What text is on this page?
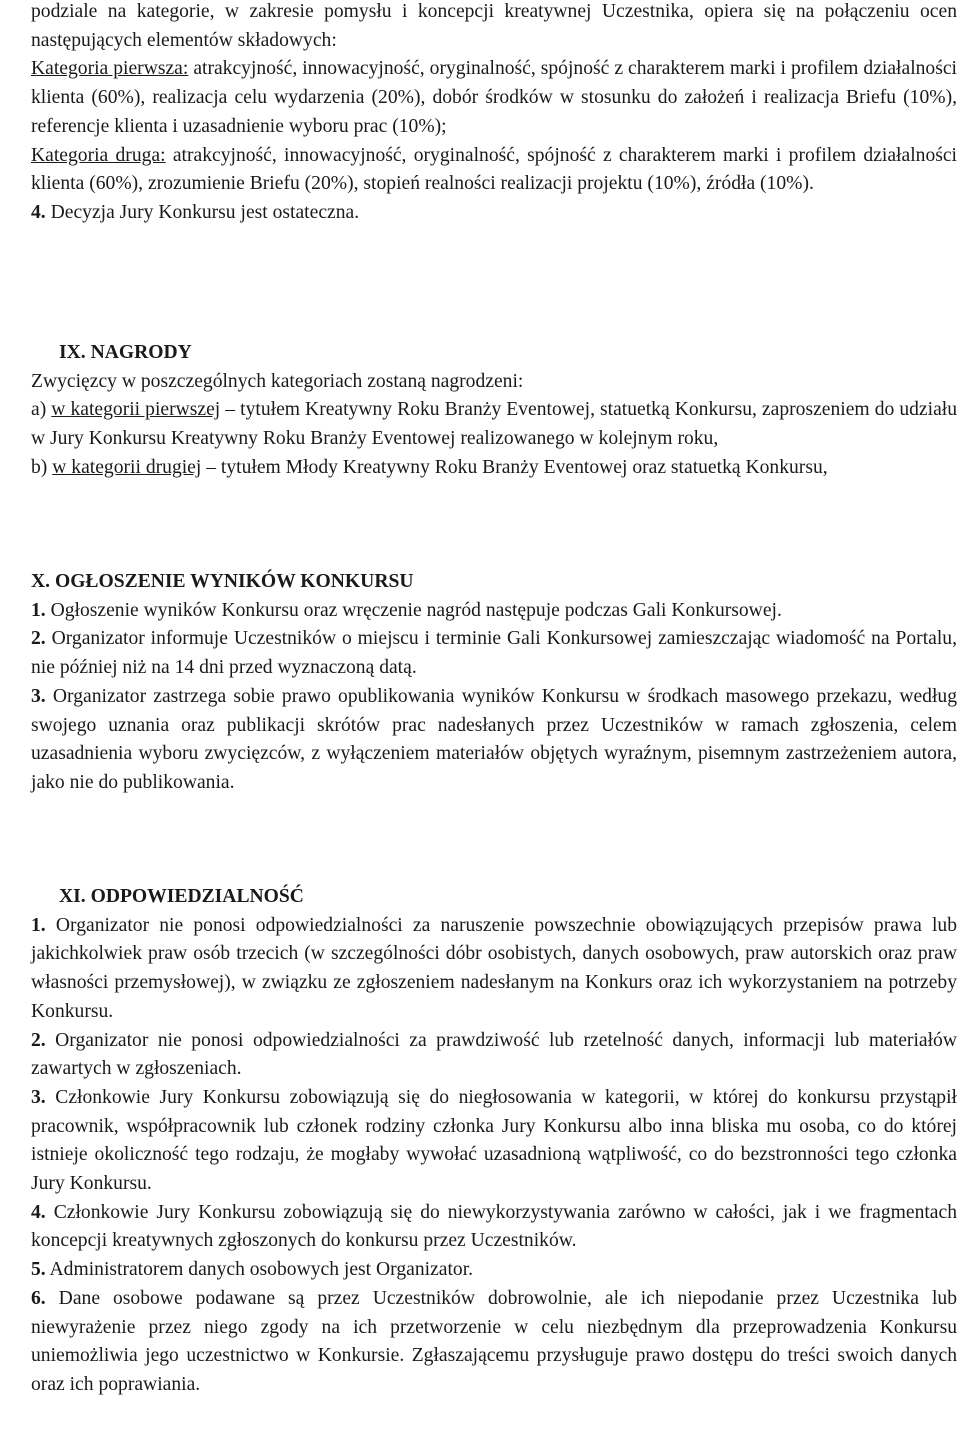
podziale na kategorie, w zakresie pomysłu i koncepcji kreatywnej Uczestnika, opiera się na połączeniu ocen następujących elementów składowych:

Kategoria pierwsza: atrakcyjność, innowacyjność, oryginalność, spójność z charakterem marki i profilem działalności klienta (60%), realizacja celu wydarzenia (20%), dobór środków w stosunku do założeń i realizacja Briefu (10%), referencje klienta i uzasadnienie wyboru prac (10%);

Kategoria druga: atrakcyjność, innowacyjność, oryginalność, spójność z charakterem marki i profilem działalności klienta (60%), zrozumienie Briefu (20%), stopień realności realizacji projektu (10%), źródła (10%).

4. Decyzja Jury Konkursu jest ostateczna.

IX. NAGRODY

Zwycięzcy w poszczególnych kategoriach zostaną nagrodzeni:

a) w kategorii pierwszej – tytułem Kreatywny Roku Branży Eventowej, statuetką Konkursu, zaproszeniem do udziału w Jury Konkursu Kreatywny Roku Branży Eventowej realizowanego w kolejnym roku,

b) w kategorii drugiej – tytułem Młody Kreatywny Roku Branży Eventowej oraz statuetką Konkursu,

X. OGŁOSZENIE WYNIKÓW KONKURSU

1. Ogłoszenie wyników Konkursu oraz wręczenie nagród następuje podczas Gali Konkursowej.

2. Organizator informuje Uczestników o miejscu i terminie Gali Konkursowej zamieszczając wiadomość na Portalu, nie później niż na 14 dni przed wyznaczoną datą.

3. Organizator zastrzega sobie prawo opublikowania wyników Konkursu w środkach masowego przekazu, według swojego uznania oraz publikacji skrótów prac nadesłanych przez Uczestników w ramach zgłoszenia, celem uzasadnienia wyboru zwycięzców, z wyłączeniem materiałów objętych wyraźnym, pisemnym zastrzeżeniem autora, jako nie do publikowania.

XI. ODPOWIEDZIALNOŚĆ

1. Organizator nie ponosi odpowiedzialności za naruszenie powszechnie obowiązujących przepisów prawa lub jakichkolwiek praw osób trzecich (w szczególności dóbr osobistych, danych osobowych, praw autorskich oraz praw własności przemysłowej), w związku ze zgłoszeniem nadesłanym na Konkurs oraz ich wykorzystaniem na potrzeby Konkursu.

2. Organizator nie ponosi odpowiedzialności za prawdziwość lub rzetelność danych, informacji lub materiałów zawartych w zgłoszeniach.

3. Członkowie Jury Konkursu zobowiązują się do niegłosowania w kategorii, w której do konkursu przystąpił pracownik, współpracownik lub członek rodziny członka Jury Konkursu albo inna bliska mu osoba, co do której istnieje okoliczność tego rodzaju, że mogłaby wywołać uzasadnioną wątpliwość, co do bezstronności tego członka Jury Konkursu.

4. Członkowie Jury Konkursu zobowiązują się do niewykorzystywania zarówno w całości, jak i we fragmentach koncepcji kreatywnych zgłoszonych do konkursu przez Uczestników.

5. Administratorem danych osobowych jest Organizator.

6. Dane osobowe podawane są przez Uczestników dobrowolnie, ale ich niepodanie przez Uczestnika lub niewyrażenie przez niego zgody na ich przetworzenie w celu niezbędnym dla przeprowadzenia Konkursu uniemożliwia jego uczestnictwo w Konkursie. Zgłaszającemu przysługuje prawo dostępu do treści swoich danych oraz ich poprawiania.
